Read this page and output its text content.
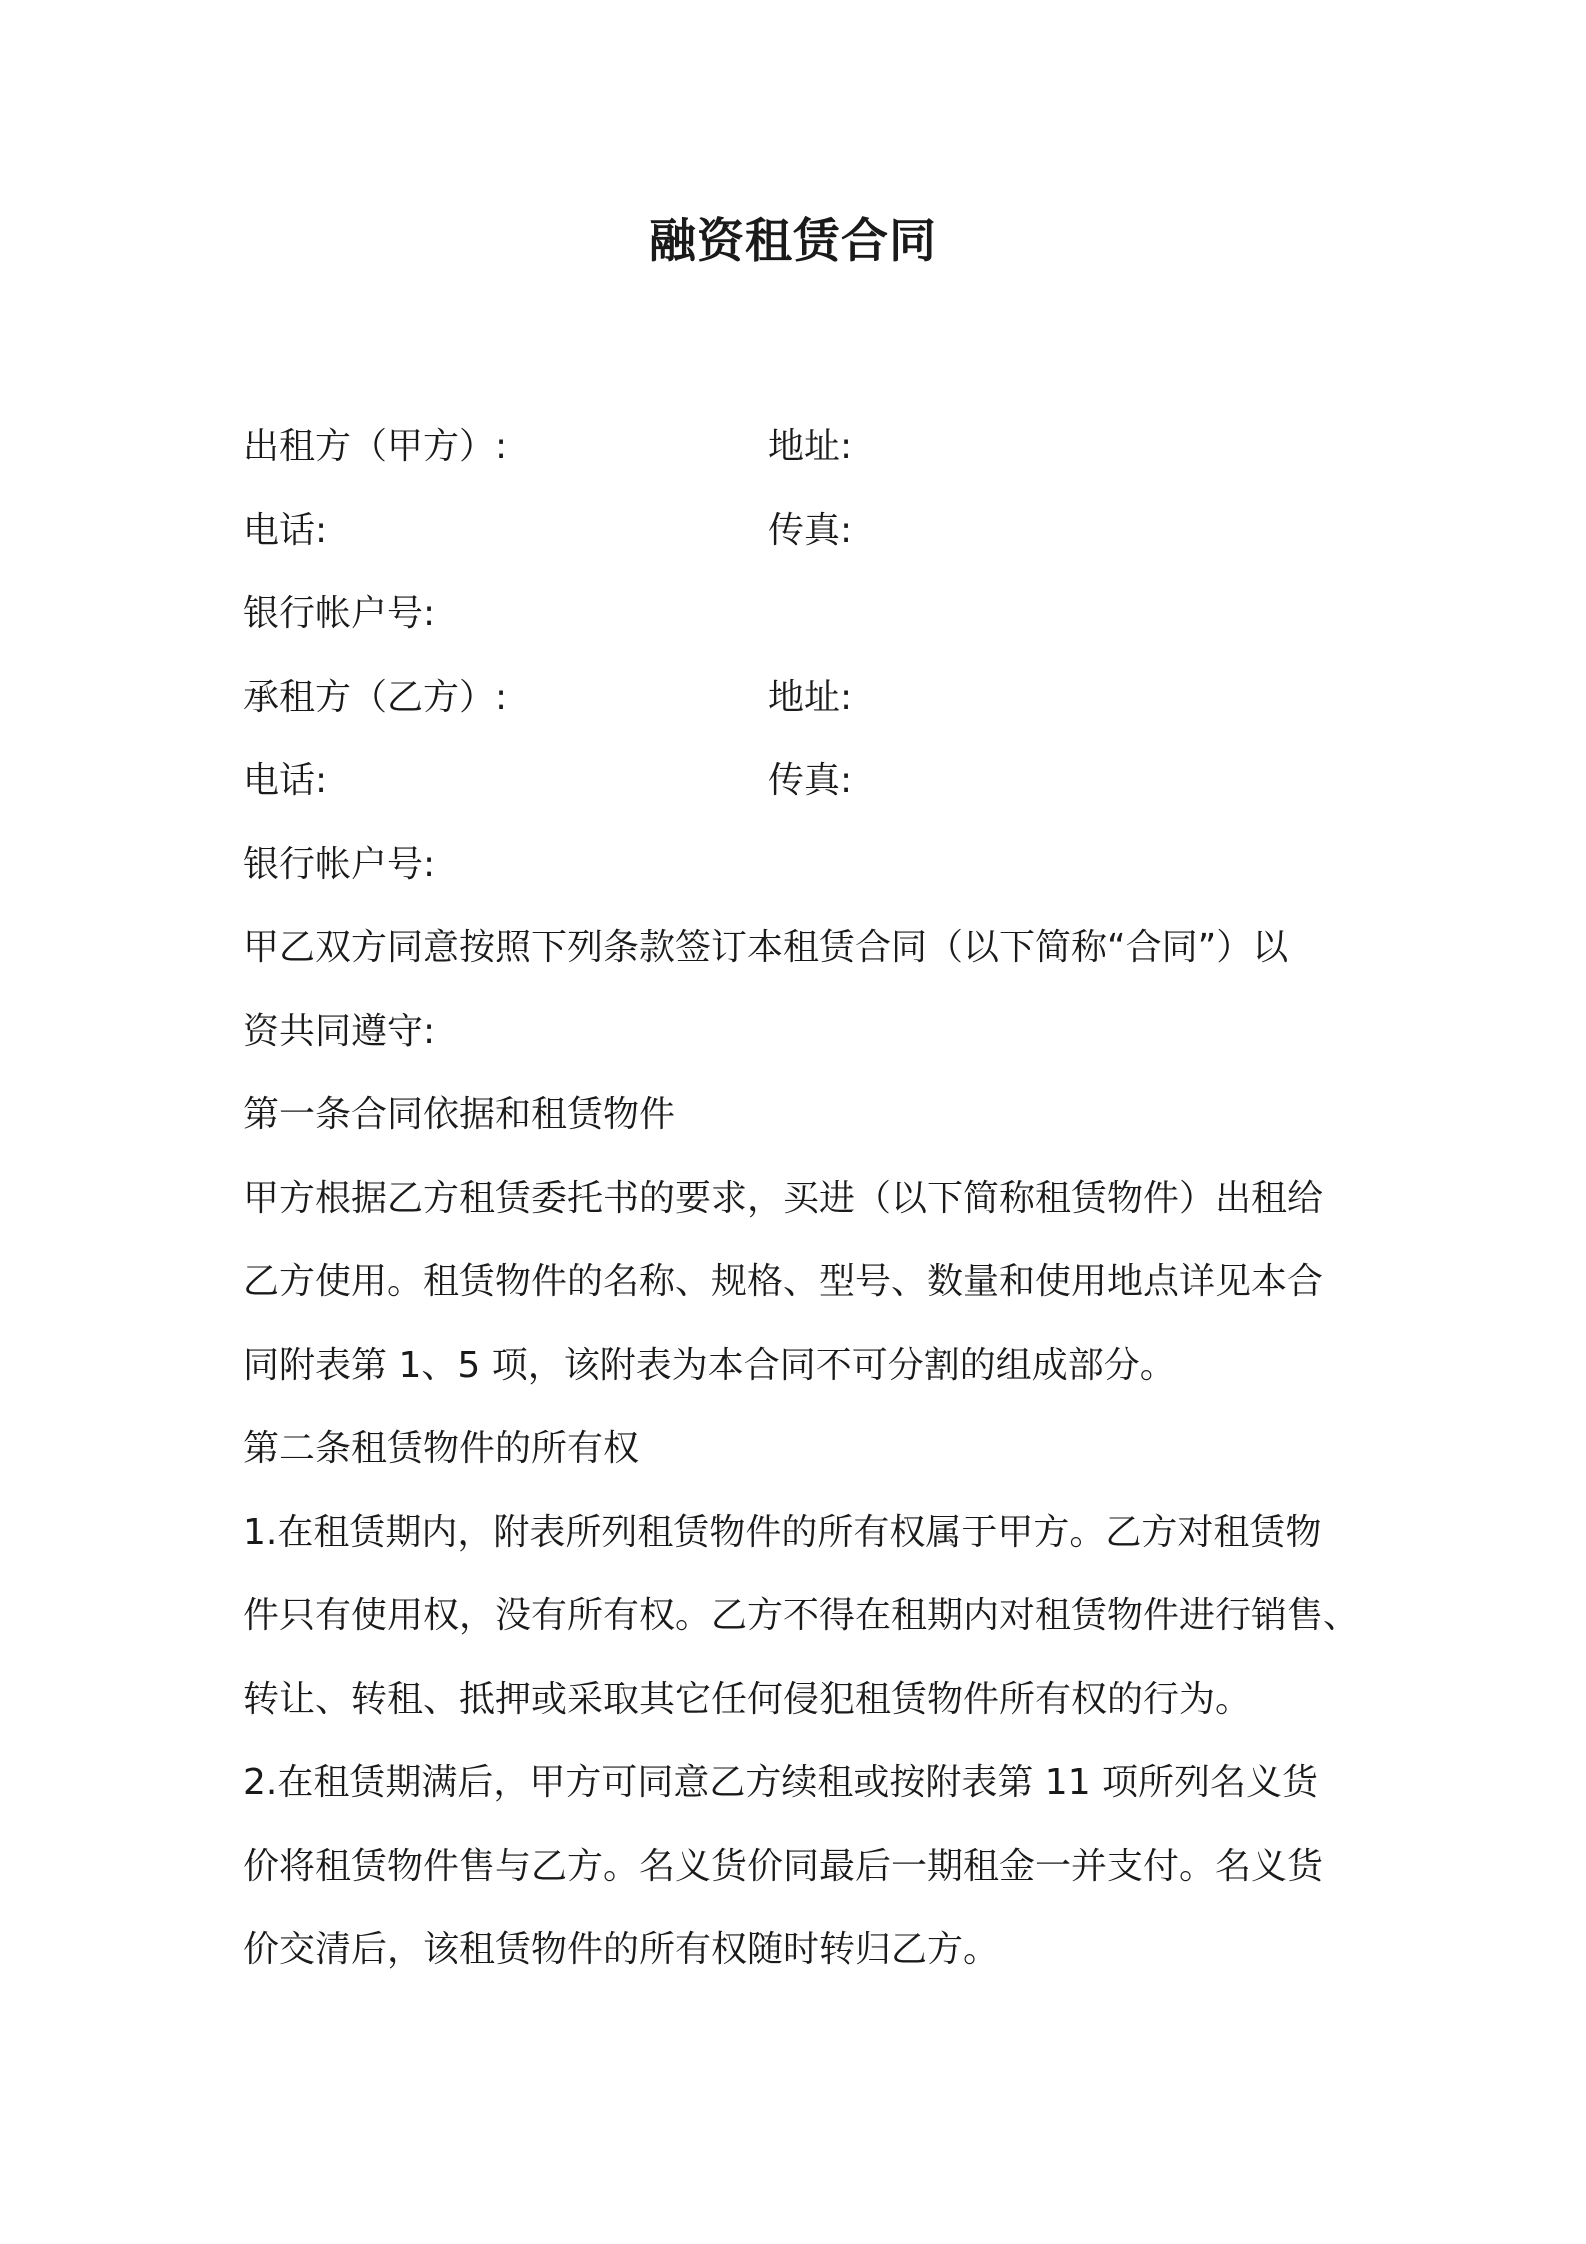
融资租赁合同
出租方（甲方）:	地址:
电话:	传真:
银行帐户号:
承租方（乙方）:	地址:
电话:	传真:
银行帐户号:
甲乙双方同意按照下列条款签订本租赁合同（以下简称“合同”）以
资共同遵守:
第一条合同依据和租赁物件
甲方根据乙方租赁委托书的要求，买进（以下简称租赁物件）出租给
乙方使用。租赁物件的名称、规格、型号、数量和使用地点详见本合
同附表第 1、5 项，该附表为本合同不可分割的组成部分。
第二条租赁物件的所有权
1.在租赁期内，附表所列租赁物件的所有权属于甲方。乙方对租赁物
件只有使用权，没有所有权。乙方不得在租期内对租赁物件进行销售、
转让、转租、抵押或采取其它任何侵犯租赁物件所有权的行为。
2.在租赁期满后，甲方可同意乙方续租或按附表第 11 项所列名义货
价将租赁物件售与乙方。名义货价同最后一期租金一并支付。名义货
价交清后，该租赁物件的所有权随时转归乙方。
